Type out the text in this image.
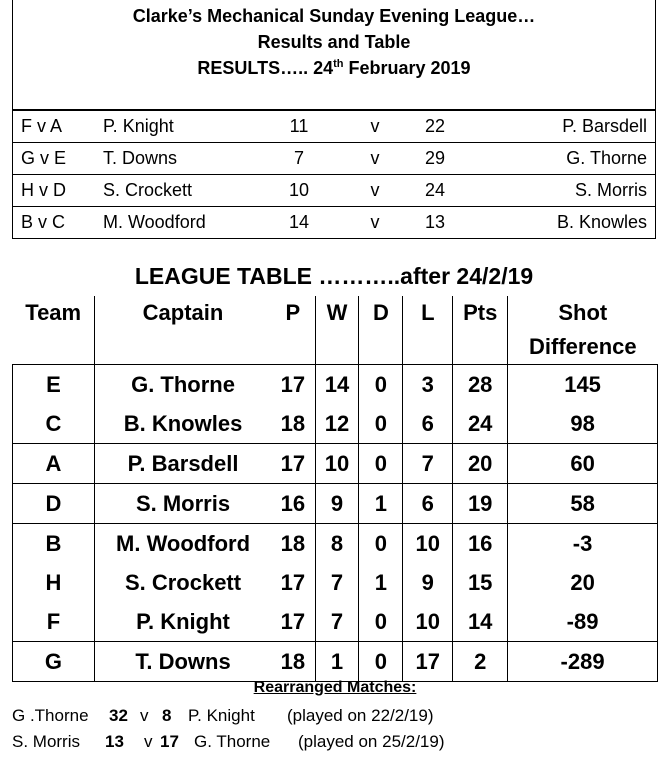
Clarke’s Mechanical Sunday Evening League…
Results and Table
RESULTS….. 24th February 2019
F v A	P. Knight	11	v	22	P. Barsdell
G v E	T. Downs	7	v	29	G. Thorne
H v D	S. Crockett	10	v	24	S. Morris
B v C	M. Woodford	14	v	13	B. Knowles
LEAGUE TABLE ………..after 24/2/19
Team	Captain	P	W	D	L	Pts	Shot
Difference

E	G. Thorne	17	14	0	3	28	145
C	B. Knowles	18	12	0	6	24	98
A	P. Barsdell	17	10	0	7	20	60
D	S. Morris	16	9	1	6	19	58
B	M. Woodford	18	8	0	10	16	-3
H	S. Crockett	17	7	1	9	15	20
F	P. Knight	17	7	0	10	14	-89
G	T. Downs	18	1	0	17	2	-289
Rearranged Matches:
G .Thorne 32 v 8 P. Knight (played on 22/2/19)
S. Morris 13 v 17 G. Thorne (played on 25/2/19)
